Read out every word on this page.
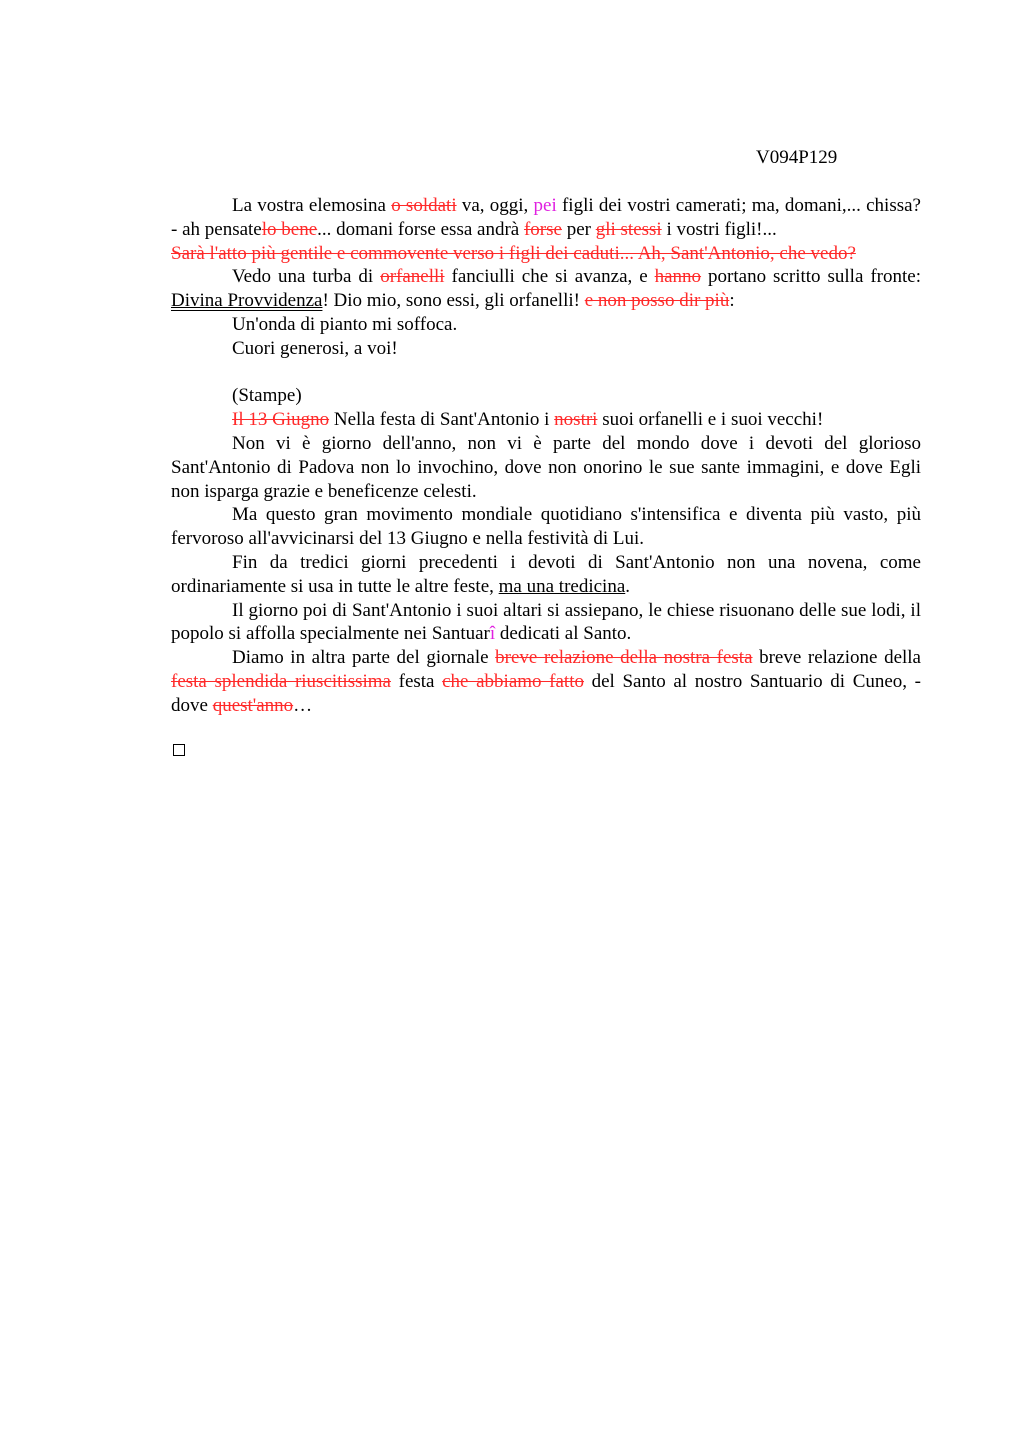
V094P129

La vostra elemosina o soldati va, oggi, pei figli dei vostri camerati; ma, domani,... chissa? - ah pensatelo bene... domani forse essa andrà forse per gli stessi i vostri figli!...

Sarà l'atto più gentile e commovente verso i figli dei caduti... Ah, Sant'Antonio, che vedo?

Vedo una turba di orfanelli fanciulli che si avanza, e hanno portano scritto sulla fronte: Divina Provvidenza! Dio mio, sono essi, gli orfanelli! e non posso dir più:

Un'onda di pianto mi soffoca.

Cuori generosi, a voi!

(Stampe)

Il 13 Giugno Nella festa di Sant'Antonio i nostri suoi orfanelli e i suoi vecchi!

Non vi è giorno dell'anno, non vi è parte del mondo dove i devoti del glorioso Sant'Antonio di Padova non lo invochino, dove non onorino le sue sante immagini, e dove Egli non isparga grazie e beneficenze celesti.

Ma questo gran movimento mondiale quotidiano s'intensifica e diventa più vasto, più fervoroso all'avvicinarsi del 13 Giugno e nella festività di Lui.

Fin da tredici giorni precedenti i devoti di Sant'Antonio non una novena, come ordinariamente si usa in tutte le altre feste, ma una tredicina.

Il giorno poi di Sant'Antonio i suoi altari si assiepano, le chiese risuonano delle sue lodi, il popolo si affolla specialmente nei Santuarî dedicati al Santo.

Diamo in altra parte del giornale breve relazione della nostra festa breve relazione della festa splendida riuscitissima festa che abbiamo fatto del Santo al nostro Santuario di Cuneo, - dove quest'anno…
